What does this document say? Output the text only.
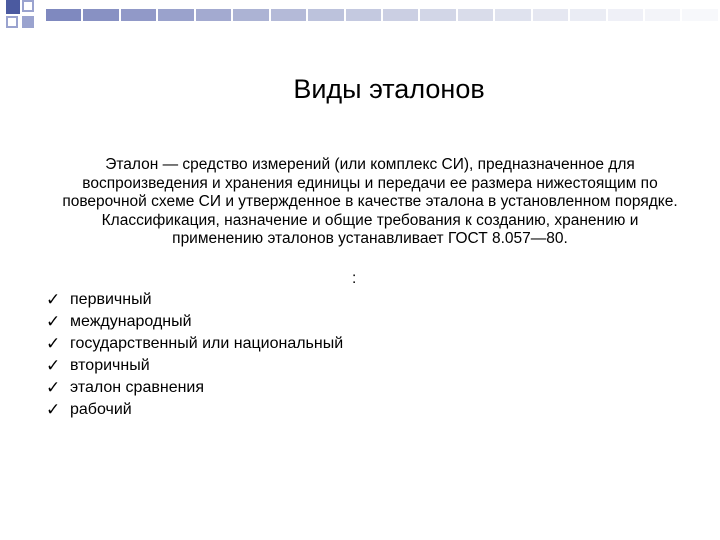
Виды эталонов
Эталон — средство измерений (или комплекс СИ), предназначенное для воспроизведения и хранения единицы и передачи ее размера нижестоящим по поверочной схеме СИ и утвержденное в качестве эталона в установленном порядке. Классификация, назначение и общие требования к созданию, хранению и применению эталонов устанавливает ГОСТ 8.057—80.
:
✓ первичный
✓ международный
✓ государственный или национальный
✓ вторичный
✓ эталон сравнения
✓ рабочий
